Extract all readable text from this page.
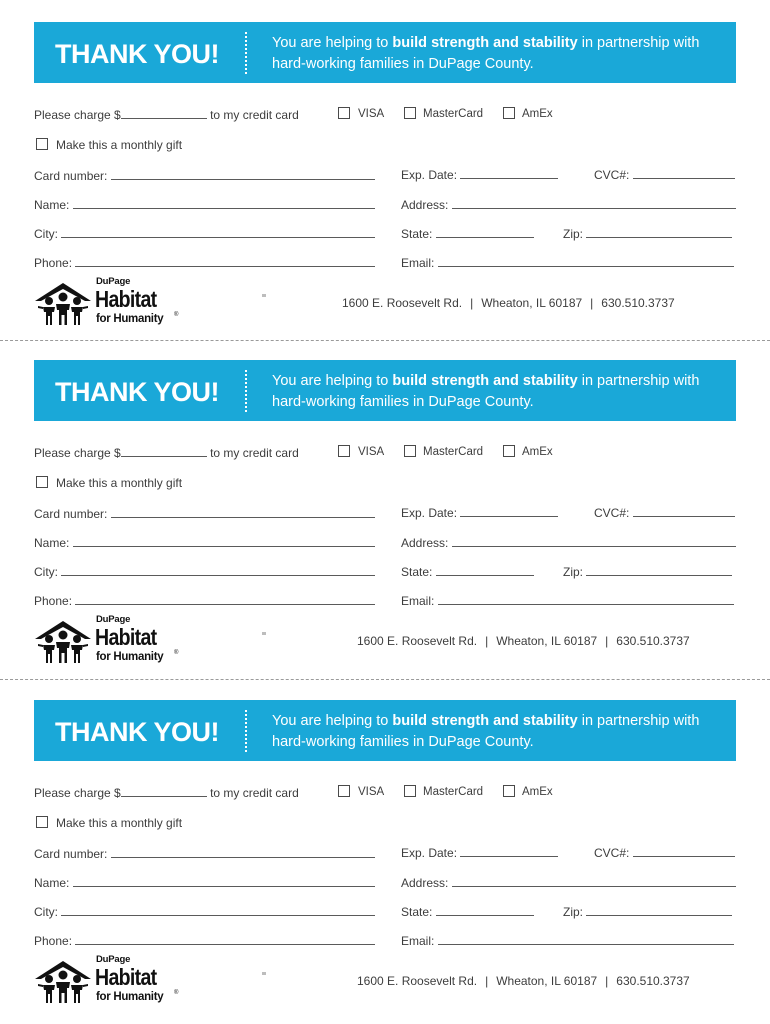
THANK YOU!	You are helping to build strength and stability in partnership with hard-working families in DuPage County.
Please charge $	to my credit card	VISA	MasterCard	AmEx
Make this a monthly gift
Card number:	Exp. Date:	CVC#:
Name:	Address:
City:	State:	Zip:
Phone:	Email:
DuPage
Habitat
for Humanity ®
1600 E. Roosevelt Rd. | Wheaton, IL 60187 | 630.510.3737
THANK YOU!	You are helping to build strength and stability in partnership with hard-working families in DuPage County.
Please charge $	to my credit card	VISA	MasterCard	AmEx
Make this a monthly gift
Card number:	Exp. Date:	CVC#:
Name:	Address:
City:	State:	Zip:
Phone:	Email:
DuPage
Habitat
for Humanity ®
1600 E. Roosevelt Rd. | Wheaton, IL 60187 | 630.510.3737
THANK YOU!	You are helping to build strength and stability in partnership with hard-working families in DuPage County.
Please charge $	to my credit card	VISA	MasterCard	AmEx
Make this a monthly gift
Card number:	Exp. Date:	CVC#:
Name:	Address:
City:	State:	Zip:
Phone:	Email:
DuPage
Habitat
for Humanity ®
1600 E. Roosevelt Rd. | Wheaton, IL 60187 | 630.510.3737
